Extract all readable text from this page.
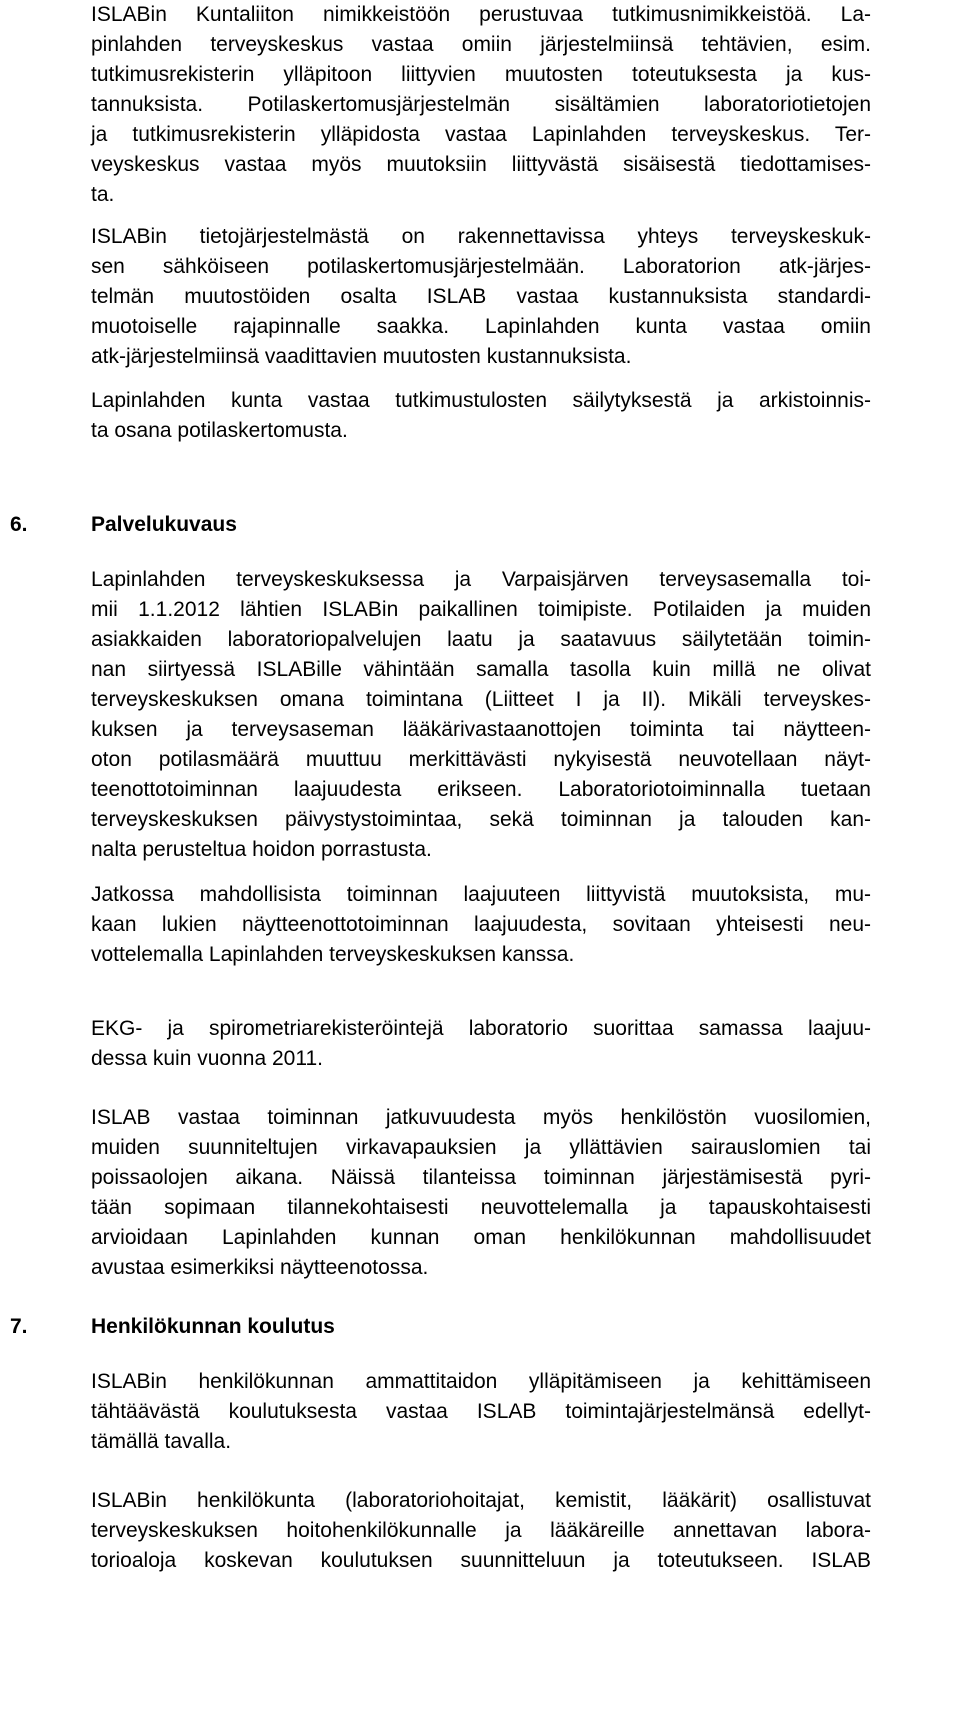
ISLABin Kuntaliiton nimikkeistöön perustuvaa tutkimusnimikkeistöä. La-
pinlahden terveyskeskus vastaa omiin järjestelmiinsä tehtävien, esim.
tutkimusrekisterin ylläpitoon liittyvien muutosten toteutuksesta ja kus-
tannuksista. Potilaskertomusjärjestelmän sisältämien laboratoriotietojen
ja tutkimusrekisterin ylläpidosta vastaa Lapinlahden terveyskeskus. Ter-
veyskeskus vastaa myös muutoksiin liittyvästä sisäisestä tiedottamises-
ta.
ISLABin tietojärjestelmästä on rakennettavissa yhteys terveyskeskuk-
sen sähköiseen potilaskertomusjärjestelmään. Laboratorion atk-järjes-
telmän muutostöiden osalta ISLAB vastaa kustannuksista standardi-
muotoiselle rajapinnalle saakka. Lapinlahden kunta vastaa omiin
atk-järjestelmiinsä vaadittavien muutosten kustannuksista.
Lapinlahden kunta vastaa tutkimustulosten säilytyksestä ja arkistoinnis-
ta osana potilaskertomusta.
6.	Palvelukuvaus
Lapinlahden terveyskeskuksessa ja Varpaisjärven terveysasemalla toi-
mii 1.1.2012 lähtien ISLABin paikallinen toimipiste. Potilaiden ja muiden
asiakkaiden laboratoriopalvelujen laatu ja saatavuus säilytetään toimin-
nan siirtyessä ISLABille vähintään samalla tasolla kuin millä ne olivat
terveyskeskuksen omana toimintana (Liitteet I ja II). Mikäli terveyskes-
kuksen ja terveysaseman lääkärivastaanottojen toiminta tai näytteen-
oton potilasmäärä muuttuu merkittävästi nykyisestä neuvotellaan näyt-
teenottotoiminnan laajuudesta erikseen. Laboratoriotoiminnalla tuetaan
terveyskeskuksen päivystystoimintaa, sekä toiminnan ja talouden kan-
nalta perusteltua hoidon porrastusta.
Jatkossa mahdollisista toiminnan laajuuteen liittyvistä muutoksista, mu-
kaan lukien näytteenottotoiminnan laajuudesta, sovitaan yhteisesti neu-
vottelemalla Lapinlahden terveyskeskuksen kanssa.
EKG- ja spirometriarekisteröintejä laboratorio suorittaa samassa laajuu-
dessa kuin vuonna 2011.
ISLAB vastaa toiminnan jatkuvuudesta myös henkilöstön vuosilomien,
muiden suunniteltujen virkavapauksien ja yllättävien sairauslomien tai
poissaolojen aikana. Näissä tilanteissa toiminnan järjestämisestä pyri-
tään sopimaan tilannekohtaisesti neuvottelemalla ja tapauskohtaisesti
arvioidaan Lapinlahden kunnan oman henkilökunnan mahdollisuudet
avustaa esimerkiksi näytteenotossa.
7.	Henkilökunnan koulutus
ISLABin henkilökunnan ammattitaidon ylläpitämiseen ja kehittämiseen
tähtäävästä koulutuksesta vastaa ISLAB toimintajärjestelmänsä edellyt-
tämällä tavalla.
ISLABin henkilökunta (laboratoriohoitajat, kemistit, lääkärit) osallistuvat
terveyskeskuksen hoitohenkilökunnalle ja lääkäreille annettavan labora-
torioaloja koskevan koulutuksen suunnitteluun ja toteutukseen. ISLAB
